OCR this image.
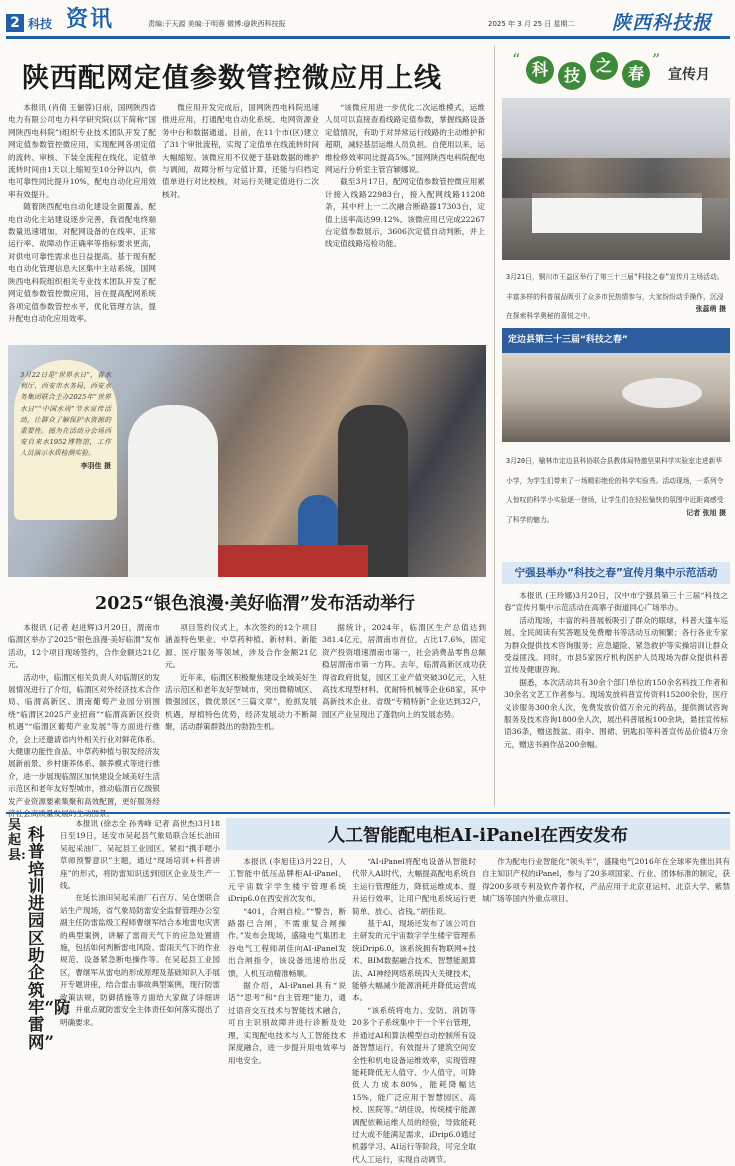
2 科技 资讯	责编:于天源 美编:于明蓉 微博:@陕西科技报	2025 年 3 月 25 日 星期二 陕西科技报
陕西配网定值参数管控微应用上线

本报讯 (肖倩 王俪蓉)日前，国网陕西省电力有限公司电力科学研究院(以下简称“国网陕西电科院”)组织专业技术团队开发了配网定值参数管控微应用，实现配网各项定值的流转、审核、下装全流程在线化，定值单流转时间由1天以上缩短至10分钟以内，供电可靠性同比提升10%，配电自动化应用效率有效提升。

随着陕西配电自动化建设全面覆盖，配电自动化主站建设逐步完善，我省配电终端数量迅速增加，对配网设备的在线率、正常运行率、故障动作正确率等指标要求更高，对供电可靠性需求也日益提高。基于现有配电自动化管理信息大区集中主站系统，国网陕西电科院组织相关专业技术团队开发了配网定值参数管控微应用，旨在提高配网系统各项定值参数管控水平，优化管理方法，提升配电自动化应用效率。

微应用开发完成后，国网陕西电科院迅速推进应用，打通配电自动化系统、电网资源业务中台和数据通道。目前，在11个市(区)建立了31个审批流程，实现了定值单在线流转时间大幅缩短。该微应用不仅便于基础数据的维护与调阅，故障分析与定值计算，还能与归档定值单进行对比校核，对运行关键定值进行二次核对。

“该微应用进一步优化二次运维模式，运维人员可以直接查看线路定值参数，掌握线路设备定值情况，有助于对异常运行线路的主动维护和超期，减轻基层运维人员负担。自使用以来，运维检修效率同比提高5%。”国网陕西电科院配电网运行分析室主管宫颖娜说。

截至3月17日，配网定值参数管控微应用累计接入线路22983台，接入配网线路11208条，其中杆上一二次融合断路器17303台，定值上送率高达99.12%。该微应用已完成22267台定值参数展示，3606次定值自动判断，并上线定值线路巡检功能。

3月22日是“世界水日”，省水利厅、西安市水务局、西安水务集团联合主办2025年“世界水日”“中国水周”节水宣传活动，让群众了解保护水资源的重要性。图为在活动分会场西安自来水1952博物馆，工作人员演示水质检测实验。
李羽佳 摄
2025“银色浪漫·美好临渭”发布活动举行

本报讯 (记者 赵进辉)3月20日，渭南市临渭区举办了2025“银色浪漫·美好临渭”发布活动，12个项目现场签约，合作金额达21亿元。

活动中，临渭区相关负责人对临渭区的发展情况进行了介绍，临渭区对外经济技术合作局、临渭高新区、渭南葡萄产业园分别围绕“临渭区2025产业招商”“临渭高新区投资机遇”“临渭区葡萄产业发展”等方面进行推介，会上还邀请省内外相关行业对鲜花体系、大健康功能性食品、中草药种植与银发经济发展新前景、乡村康养体系、颐养模式等进行推介，进一步展现临渭区加快建设全域美好生活示范区和老年友好型城市，推动临渭百亿级银发产业资源要素集聚和高效配置，更好服务经

项目签约仪式上，本次签约的12个项目涵盖特色果业、中草药种植、新材料、新能源、医疗服务等领域，涉及合作金额21亿元。

近年来，临渭区积极聚焦建设全域美好生活示范区和老年友好型城市，突出微精城区、微强园区，微优景区“三篇文章”，抢抓发展机遇，厚植特色优势，经济发展动力不断凝聚，活动群策群鼓出的勃勃生机。

据统计，2024年，临渭区生产总值达到381.4亿元，居渭南市首位，占比17.6%，固定资产投资增速渭南市第一，社会消费品零售总额稳居渭南市第一方阵。去年，临渭高新区成功获得省政府批复，园区工业产值突破30亿元，入驻高技术现型材料、优耐特机械等企业68家，其中高新技术企业、省级“专精特新”企业达到32户，园区产业呈现出了蓬勃向上的发展态势。

“
科 技
之 春
”
宣传月
3月21日，铜川市王益区举行了第三十三届“科技之春”宣传月主场活动。丰富多样的科普展品吸引了众多市民热情参与，大家纷纷动手操作，沉浸在探索科学奥秘的喜悦之中。
张蕊萌 摄
定边县第三十三届“科技之春”
3月20日，榆林市定边县科协联合县教体局特邀坚果科学实验室走进新华小学，为学生们带来了一场精彩绝伦的科学实验秀。活动现场，一系列令人惊叹的科学小实验逐一登场，让学生们在轻松愉快的氛围中近距离感受了科学的魅力。
记者 张旭 摄
宁强县举办“科技之春”宣传月集中示范活动

本报讯 (王玲娜)3月20日，汉中市宁强县第三十三届“科技之春”宣传月集中示范活动在高寨子街道同心广场举办。

活动现场，丰富的科普展板吸引了群众的眼球，科普大篷车巡展、全民阅读有奖答题及免费赠书等活动互动频繁；各行各业专家为群众提供技术咨询服务；应急避险、紧急救护等实操培训让群众受益匪浅。同时，市县5家医疗机构医护人员现场为群众提供科普宣传及健康咨询。

据悉，本次活动共有30余个部门单位的150余名科技工作者和30余名文艺工作者参与。现场发放科普宣传资料15200余份，医疗义诊服务300余人次，免费发放价值万余元的药品，提供测试咨询服务及技术咨询1800余人次，展出科普展板100余块，悬挂宣传标语36条，赠送鼓盆、雨伞、围裙、钥匙扣等科普宣传品价值4万余元，赠送书画作品200余幅。

吴起县:
科普培训进园区 助企筑牢“防雷网”

本报讯 (徐志全 孙秀峰 记者 高世杰)3月18日至19日，延安市吴起县气象局联合延长油田吴起采油厂、吴起县工业园区、紧扣“携手嗯小草师预警意识”主题，通过“现场培训+科普讲座”的形式，将防雷知识送到园区企业及生产一线。

在延长油田吴起采油厂石百万、吴仓堡联合站生产现场，省气象局防雷安全监督管理办公室副主任防雷监级工程师曹继军结合本地雷电灾害的典型案例，讲解了雷雨天气下的应急处置措施，包括如何判断雷电风险、雷雨天气下的作业规范、设备紧急断电操作等。在吴起县工业园区，曹继军从雷电的形成原理及基础知识入手展开专题讲座，结合雷击事故典型案例，现行防雷政策法规，防御措施等方面给大家做了详细讲解，并重点就防雷安全主体责任如何落实提出了明确要求。

人工智能配电柜AI-iPanel在西安发布

本报讯 (李旭佳)3月22日，人工智能中低压品牌柜AI-iPanel、元宇宙数字学生楼宇管理系统iDrip6.0在西安首次发布。

“401，合闸自检。”“警告，断路器已合闸，不需重复合闸操作。”发布会现场，盛隆电气集团北谷电气工程师胡佳向AI-iPanel发出合闸指令，该设备迅速给出反馈，人机互动精准畅顺。

据介绍，AI-iPanel具有“说话”“思考”和“自主管理”能力，通过语音交互技术与智能技术融合，可自主识别故障并进行诊断及处理，实现配电技术与人工智能技术深度融合，进一步提升用电效率与用电安全。

“AI-iPanel将配电设备从智能时代带入AI时代，大幅提高配电系统自主运行管理能力，降低运维成本、提升运行效率，让用户配电系统运行更简单、放心、省钱。”胡佳说。

基于AI，现场还发布了该公司自主研发的元宇宙数字学生楼宇管理系统iDrip6.0。该系统拥有物联网+技术、BIM数据融合技术、智慧能源算法、AI神经网络系统四大关键技术，能够大幅减少能源消耗并降低运营成本。

“该系统将电力、安防、消防等20多个子系统集中于一个平台管理，并通过AI和算法模型自动控制所有设备智慧运行，有效提升了建筑空间安全性和机电设备运维效率，实现管理能耗降低无人值守、少人值守，可降低人力成本80%，能耗降幅达15%，能广泛应用于智慧园区、高校、医院等。”胡佳说，传统楼宇能源调配依赖运维人员的经验，导致能耗过大或不能满足需求，iDrip6.0通过机器学习、AI运行等阶段，可完全取代人工运行，实现自动调节。

作为配电行业智能化“领头羊”，盛隆电气2016年在全球率先推出具有自主知识产权的iPanel，参与了20多项国家、行业、团体标准的制定，获得200多项专利及软件著作权，产品应用于北京亚运村、北京大学、紫禁城广场等国内外重点项目。
